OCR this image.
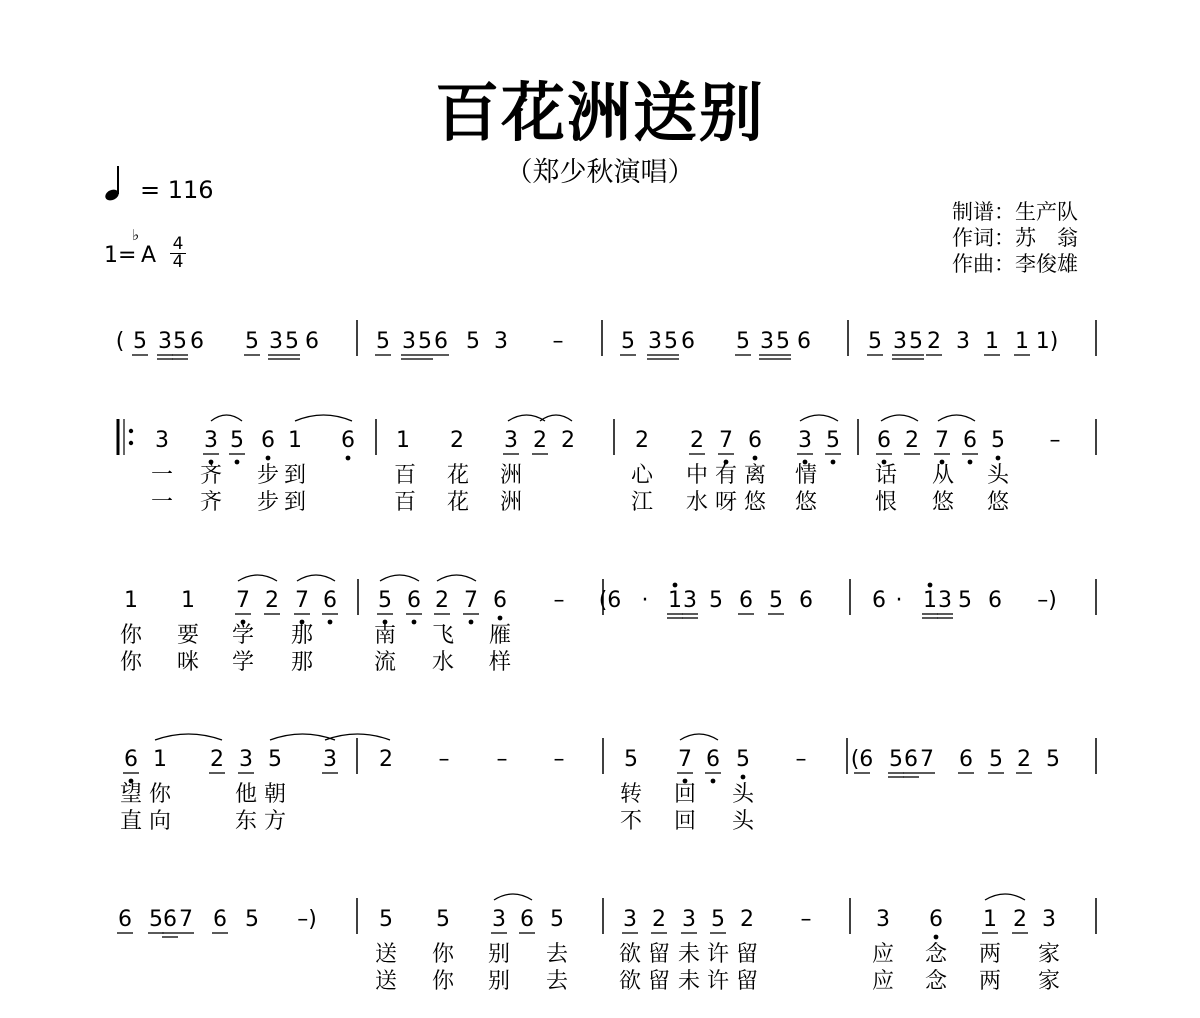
百花洲送别
（郑少秋演唱）
= 116
1=
♭
A $\frac{4}{4}$
制谱：生产队
作词：苏　翁
作曲：李俊雄
( 5 3 5 6 5 3 5 6	5 3 5 6 5 3 –	5 3 5 6 5 3 5 6	5 3 5 2 3 1 1 1)
3 3 5 6 1 6 1 2 3 2 2	2 2 7 6 3 5 6 2 7 6 5 –
一 齐 步 到	百 花 洲	心 中 有 离 情	话 从 头
一 齐 步 到	百 花 洲	江 水 呀 悠 悠	恨 悠 悠
1 1 7 2 7 6 5 6 2 7 6 – (6 · 1 3 5 6 5 6	6 · 1 3 5 6 –)
你 要 学 那	南 飞 雁
你 咪 学 那	流 水 样
6 1 2 3 5 3 2 – – –	5 7 6 5 – (6 5 6 7 6 5 2 5
望 你	他 朝	转 回 头
直 向	东 方	不 回 头
6 5 6 7 6 5 –)	5 5 3 6 5	3 2 3 5 2 –	3 6 1 2 3
送 你 别 去 欲 留 未 许 留	应 念 两 家
送 你 别 去 欲 留 未 许 留	应 念 两 家
